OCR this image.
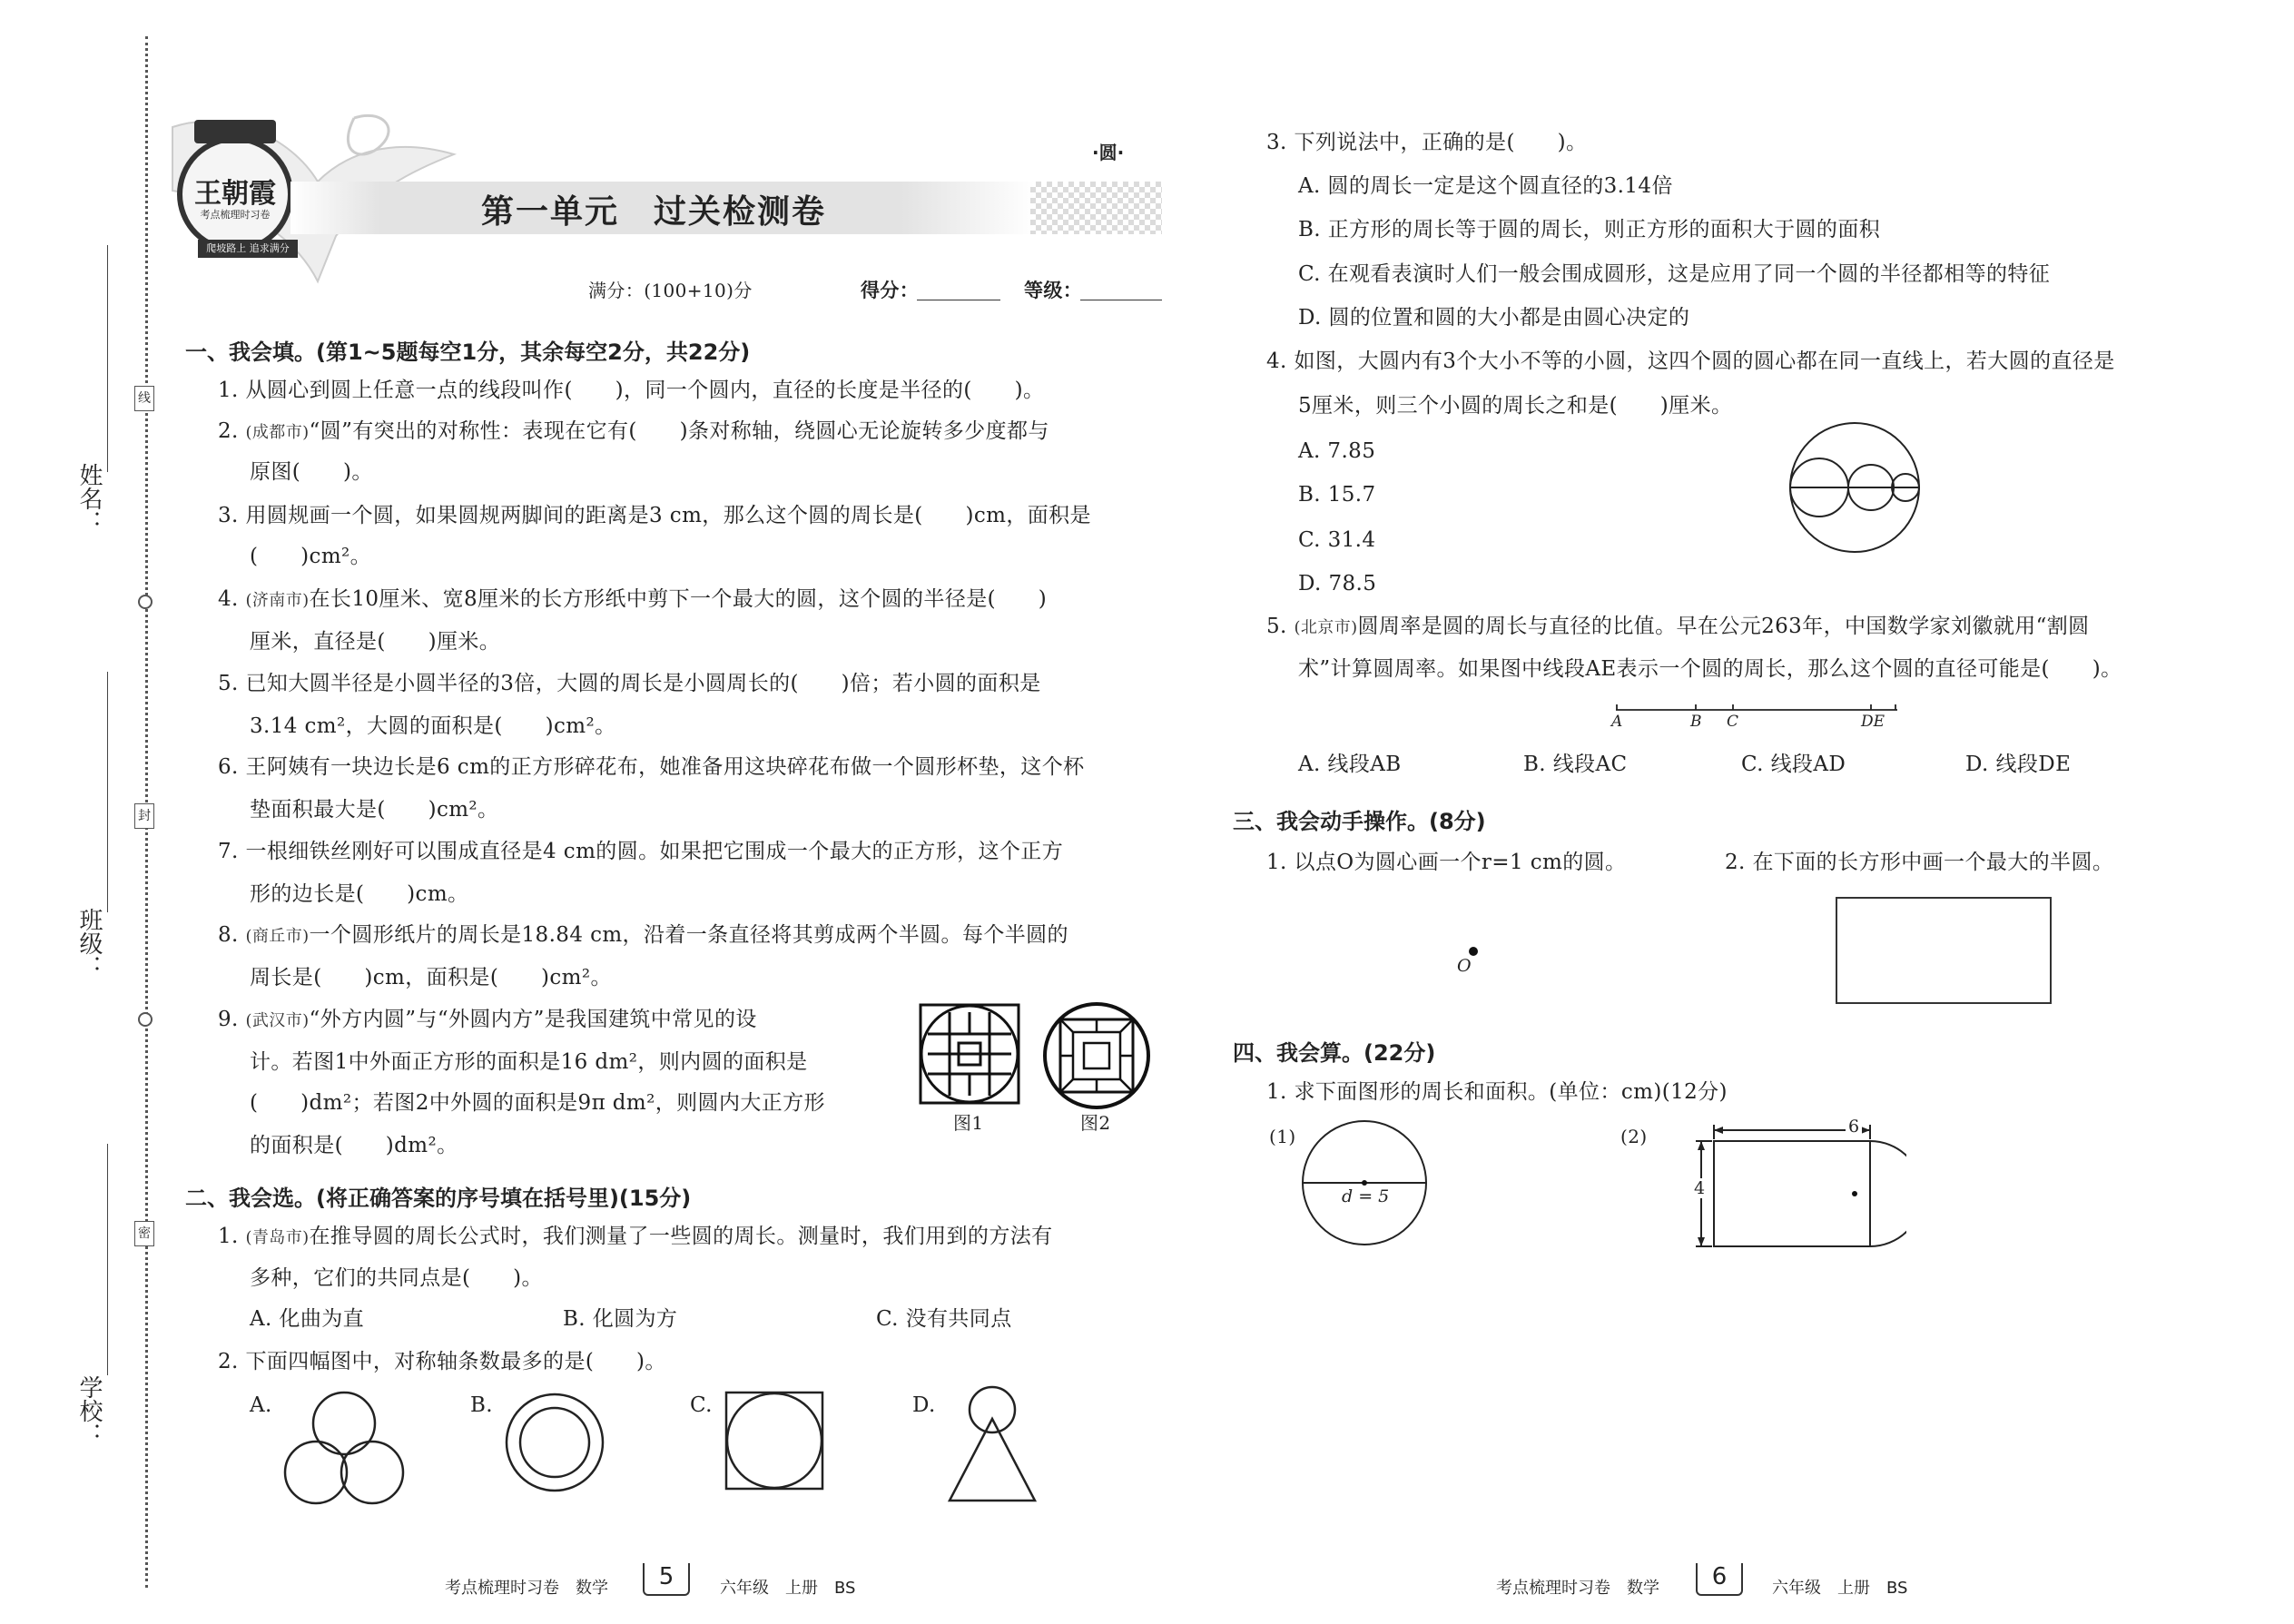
姓名：
线
班级：
封
学校：
密
王朝霞
考点梳理时习卷
爬坡路上 追求满分
·圆·
第一单元　过关检测卷
满分：(100+10)分	得分：	等级：
一、我会填。(第1~5题每空1分，其余每空2分，共22分)
1. 从圆心到圆上任意一点的线段叫作(　　)，同一个圆内，直径的长度是半径的(　　)。
2. (成都市)“圆”有突出的对称性：表现在它有(　　)条对称轴，绕圆心无论旋转多少度都与
原图(　　)。
3. 用圆规画一个圆，如果圆规两脚间的距离是3 cm，那么这个圆的周长是(　　)cm，面积是
(　　)cm²。
4. (济南市)在长10厘米、宽8厘米的长方形纸中剪下一个最大的圆，这个圆的半径是(　　)
厘米，直径是(　　)厘米。
5. 已知大圆半径是小圆半径的3倍，大圆的周长是小圆周长的(　　)倍；若小圆的面积是
3.14 cm²，大圆的面积是(　　)cm²。
6. 王阿姨有一块边长是6 cm的正方形碎花布，她准备用这块碎花布做一个圆形杯垫，这个杯
垫面积最大是(　　)cm²。
7. 一根细铁丝刚好可以围成直径是4 cm的圆。如果把它围成一个最大的正方形，这个正方
形的边长是(　　)cm。
8. (商丘市)一个圆形纸片的周长是18.84 cm，沿着一条直径将其剪成两个半圆。每个半圆的
周长是(　　)cm，面积是(　　)cm²。
9. (武汉市)“外方内圆”与“外圆内方”是我国建筑中常见的设
计。若图1中外面正方形的面积是16 dm²，则内圆的面积是
(　　)dm²；若图2中外圆的面积是9π dm²，则圆内大正方形
的面积是(　　)dm²。
图1	图2
二、我会选。(将正确答案的序号填在括号里)(15分)
1. (青岛市)在推导圆的周长公式时，我们测量了一些圆的周长。测量时，我们用到的方法有
多种，它们的共同点是(　　)。
A. 化曲为直	B. 化圆为方	C. 没有共同点
2. 下面四幅图中，对称轴条数最多的是(　　)。
A.	B.	C.	D.
3. 下列说法中，正确的是(　　)。
A. 圆的周长一定是这个圆直径的3.14倍
B. 正方形的周长等于圆的周长，则正方形的面积大于圆的面积
C. 在观看表演时人们一般会围成圆形，这是应用了同一个圆的半径都相等的特征
D. 圆的位置和圆的大小都是由圆心决定的
4. 如图，大圆内有3个大小不等的小圆，这四个圆的圆心都在同一直线上，若大圆的直径是
5厘米，则三个小圆的周长之和是(　　)厘米。
A. 7.85
B. 15.7
C. 31.4
D. 78.5
5. (北京市)圆周率是圆的周长与直径的比值。早在公元263年，中国数学家刘徽就用“割圆
术”计算圆周率。如果图中线段AE表示一个圆的周长，那么这个圆的直径可能是(　　)。
A	B C	DE
A. 线段AB	B. 线段AC	C. 线段AD	D. 线段DE
三、我会动手操作。(8分)
1. 以点O为圆心画一个r=1 cm的圆。	2. 在下面的长方形中画一个最大的半圆。
O
四、我会算。(22分)
1. 求下面图形的周长和面积。(单位：cm)(12分)
(1)
d = 5
(2)	6
4
考点梳理时习卷　数学	5	六年级　上册　BS	考点梳理时习卷　数学	6	六年级　上册　BS
